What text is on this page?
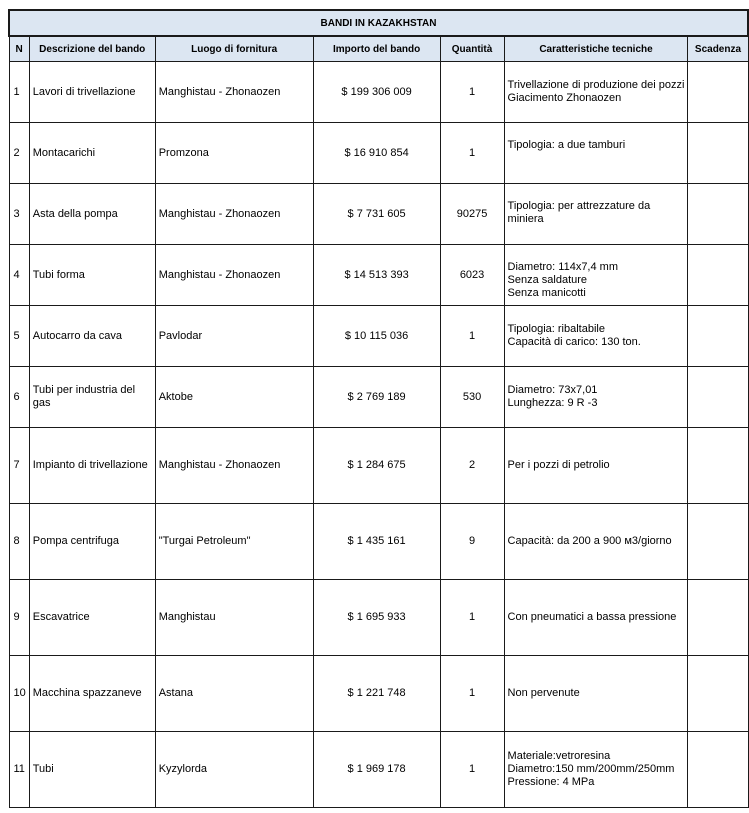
BANDI IN KAZAKHSTAN						
N	Descrizione del bando	Luogo di fornitura	Importo del bando	Quantità	Caratteristiche tecniche	Scadenza
1	Lavori di trivellazione	Manghistau - Zhonaozen	$ 199 306 009	1	Trivellazione di produzione dei pozzi
Giacimento Zhonaozen	

2	Montacarichi	Promzona	$ 16 910 854	1	Tipologia: a due tamburi	

3	Asta della pompa	Manghistau - Zhonaozen	$ 7 731 605	90275	Tipologia: per attrezzature da
miniera	

4	Tubi forma	Manghistau - Zhonaozen	$ 14 513 393	6023	Diametro: 114x7,4 mm
Senza saldature
Senza manicotti	

5	Autocarro da cava	Pavlodar	$ 10 115 036	1	Tipologia: ribaltabile
Capacità di carico: 130 ton.	

6	Tubi per industria del gas	Aktobe	$ 2 769 189	530	Diametro: 73x7,01
Lunghezza: 9 R -3	

7	Impianto di trivellazione	Manghistau - Zhonaozen	$ 1 284 675	2	Per i pozzi di petrolio	

8	Pompa centrifuga	"Turgai Petroleum"	$ 1 435 161	9	Capacità: da 200 a 900 м3/giorno	

9	Escavatrice	Manghistau	$ 1 695 933	1	Con pneumatici a bassa pressione	

10	Macchina spazzaneve	Astana	$ 1 221 748	1	Non pervenute	

11	Tubi	Kyzylorda	$ 1 969 178	1	Materiale:vetroresina
Diametro:150 mm/200mm/250mm
Pressione: 4 MPa	
